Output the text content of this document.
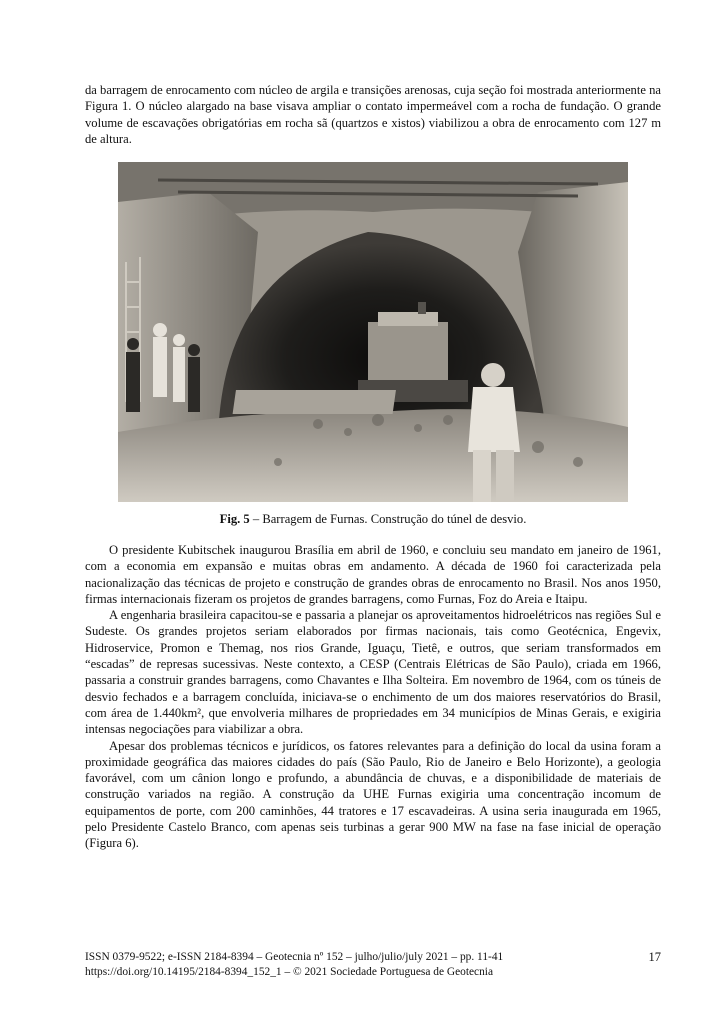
da barragem de enrocamento com núcleo de argila e transições arenosas, cuja seção foi mostrada anteriormente na Figura 1. O núcleo alargado na base visava ampliar o contato impermeável com a rocha de fundação. O grande volume de escavações obrigatórias em rocha sã (quartzos e xistos) viabilizou a obra de enrocamento com 127 m de altura.

Fig. 5 – Barragem de Furnas. Construção do túnel de desvio.

O presidente Kubitschek inaugurou Brasília em abril de 1960, e concluiu seu mandato em janeiro de 1961, com a economia em expansão e muitas obras em andamento. A década de 1960 foi caracterizada pela nacionalização das técnicas de projeto e construção de grandes obras de enrocamento no Brasil. Nos anos 1950, firmas internacionais fizeram os projetos de grandes barragens, como Furnas, Foz do Areia e Itaipu.

A engenharia brasileira capacitou-se e passaria a planejar os aproveitamentos hidroelétricos nas regiões Sul e Sudeste. Os grandes projetos seriam elaborados por firmas nacionais, tais como Geotécnica, Engevix, Hidroservice, Promon e Themag, nos rios Grande, Iguaçu, Tietê, e outros, que seriam transformados em “escadas” de represas sucessivas. Neste contexto, a CESP (Centrais Elétricas de São Paulo), criada em 1966, passaria a construir grandes barragens, como Chavantes e Ilha Solteira. Em novembro de 1964, com os túneis de desvio fechados e a barragem concluída, iniciava-se o enchimento de um dos maiores reservatórios do Brasil, com área de 1.440km², que envolveria milhares de propriedades em 34 municípios de Minas Gerais, e exigiria intensas negociações para viabilizar a obra.

Apesar dos problemas técnicos e jurídicos, os fatores relevantes para a definição do local da usina foram a proximidade geográfica das maiores cidades do país (São Paulo, Rio de Janeiro e Belo Horizonte), a geologia favorável, com um cânion longo e profundo, a abundância de chuvas, e a disponibilidade de materiais de construção variados na região. A construção da UHE Furnas exigiria uma concentração incomum de equipamentos de porte, com 200 caminhões, 44 tratores e 17 escavadeiras. A usina seria inaugurada em 1965, pelo Presidente Castelo Branco, com apenas seis turbinas a gerar 900 MW na fase na fase inicial de operação (Figura 6).

ISSN 0379-9522; e-ISSN 2184-8394 – Geotecnia nº 152 – julho/julio/july 2021 – pp. 11-41
https://doi.org/10.14195/2184-8394_152_1 – © 2021 Sociedade Portuguesa de Geotecnia
17
